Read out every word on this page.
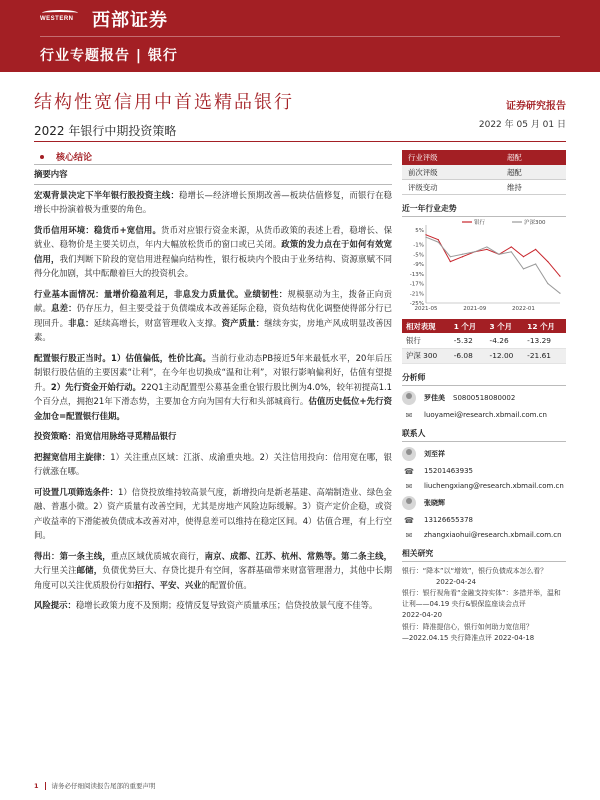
WESTERN 西部证券
行业专题报告 | 银行
结构性宽信用中首选精品银行	证券研究报告
2022 年银行中期投资策略	2022 年 05 月 01 日
核心结论
摘要内容

宏观背景决定下半年银行股投资主线：稳增长—经济增长预期改善—板块估值修复，而银行在稳增长中扮演着极为重要的角色。

货币信用环境：稳货币+宽信用。货币对应银行资金来源，从货币政策的表述上看，稳增长、保就业、稳物价是主要关切点，年内大幅放松货币的窗口或已关闭。政策的发力点在于如何有效宽信用，我们判断下阶段的宽信用进程偏向结构性，银行板块内个股由于业务结构、资源禀赋不同得分化加剧，其中酝酿着巨大的投资机会。

行业基本面情况：量增价稳盈利足，非息发力质量优。业绩韧性：规模驱动为主，拨备正向贡献。息差：仍存压力，但主要受益于负债端成本改善延际企稳，资负结构优化调整使得部分行已现回升。非息：延续高增长，财富管理收入支撑。资产质量：继续夯实，房地产风成明显改善因素。

配置银行股正当时。1）估值偏低，性价比高。当前行业动态PB接近5年来最低水平，20年后压制银行股估值的主要因素“让利”，在今年也切换成“温和让利”，对银行影响偏利好，估值有望提升。2）先行资金开始行动。22Q1主动配置型公募基金重仓银行股比例为4.0%，较年初提高1.1个百分点，拥抱21年下滑态势，主要加仓方向为国有大行和头部城商行。估值历史低位+先行资金加仓=配置银行佳期。

投资策略：沿宽信用脉络寻觅精品银行

把握宽信用主旋律：1）关注重点区域：江浙、成渝重央地。2）关注信用投向：信用宽在哪，银行就涨在哪。

可设置几项筛选条件：1）信贷投放维持较高景气度，新增投向是新老基建、高端制造业、绿色金融、普惠小微。2）资产质量有改善空间，尤其是房地产风险边际缓解。3）资产定价企稳，或资产收益率的下滑能被负债成本改善对冲，使得息差可以维持在稳定区间。4）估值合理，有上行空间。

得出：第一条主线，重点区域优质城农商行，南京、成都、江苏、杭州、常熟等。第二条主线，大行里关注邮储，负债优势巨大、存贷比提升有空间，客群基础带来财富管理潜力，其他中长期角度可以关注优质股份行如招行、平安、兴业的配置价值。

风险提示：稳增长政策力度不及预期；疫情反复导致资产质量承压；信贷投放景气度不佳等。

行业评级	超配
前次评级	超配
评级变动	维持
近一年行业走势
5%
-1%
-5%
-9%
-13%
-17%
-21%
-25%
2021-05	2021-09	2022-01
银行	沪深300
相对表现	1 个月	3 个月	12 个月
银行	-5.32	-4.26	-13.29
沪深 300	-6.08	-12.00	-21.61
分析师
罗佳美 S0800518080002
✉	luoyamei@research.xbmail.com.cn
联系人
刘至祥
☎ 15201463935
✉	liuchengxiang@research.xbmail.com.cn
张晓辉
☎ 13126655378
✉	zhangxiaohui@research.xbmail.com.cn
相关研究
银行：“降本”以“增效”，银行负债成本怎么看？
2022-04-24
银行：银行视角看“金融支持实体”：多措并举，温和让利——04.19 央行&银保监座谈会点评
2022-04-20
银行：降准提信心，银行如何助力宽信用？
—2022.04.15 央行降准点评 2022-04-18
1 请务必仔细阅读报告尾部的重要声明
